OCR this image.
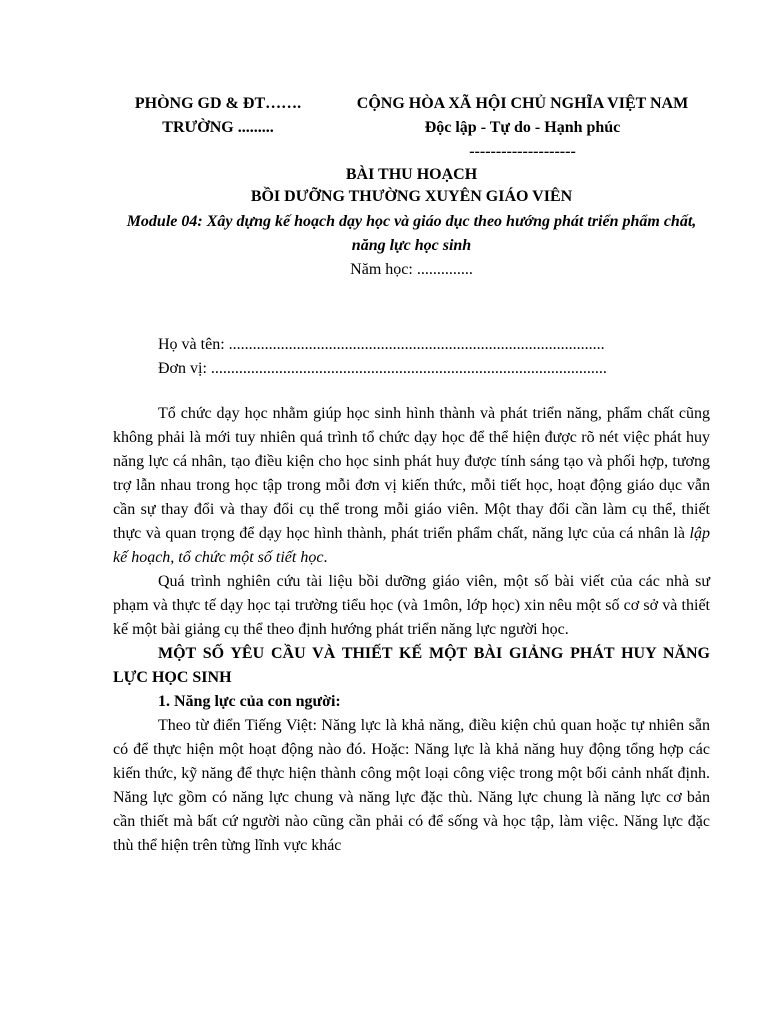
PHÒNG GD & ĐT…….
TRƯỜNG .........
CỘNG HÒA XÃ HỘI CHỦ NGHĨA VIỆT NAM
Độc lập - Tự do - Hạnh phúc
--------------------
BÀI THU HOẠCH
BỒI DƯỠNG THƯỜNG XUYÊN GIÁO VIÊN
Module 04: Xây dựng kế hoạch dạy học và giáo dục theo hướng phát triển phẩm chất, năng lực học sinh
Năm học: ..............
Họ và tên: ..............................................................................................
Đơn vị: ...................................................................................................

Tổ chức dạy học nhằm giúp học sinh hình thành và phát triển năng, phẩm chất cũng không phải là mới tuy nhiên quá trình tổ chức dạy học để thể hiện được rõ nét việc phát huy năng lực cá nhân, tạo điều kiện cho học sinh phát huy được tính sáng tạo và phối hợp, tương trợ lẫn nhau trong học tập trong mỗi đơn vị kiến thức, mỗi tiết học, hoạt động giáo dục vẫn cần sự thay đổi và thay đổi cụ thể trong mỗi giáo viên. Một thay đổi cần làm cụ thể, thiết thực và quan trọng để dạy học hình thành, phát triển phẩm chất, năng lực của cá nhân là lập kế hoạch, tổ chức một số tiết học.

Quá trình nghiên cứu tài liệu bồi dưỡng giáo viên, một số bài viết của các nhà sư phạm và thực tế dạy học tại trường tiểu học (và 1môn, lớp học) xin nêu một số cơ sở và thiết kế một bài giảng cụ thể theo định hướng phát triển năng lực người học.

MỘT SỐ YÊU CẦU VÀ THIẾT KẾ MỘT BÀI GIẢNG PHÁT HUY NĂNG LỰC HỌC SINH

1. Năng lực của con người:

Theo từ điển Tiếng Việt: Năng lực là khả năng, điều kiện chủ quan hoặc tự nhiên sẵn có để thực hiện một hoạt động nào đó. Hoặc: Năng lực là khả năng huy động tổng hợp các kiến thức, kỹ năng để thực hiện thành công một loại công việc trong một bối cảnh nhất định. Năng lực gồm có năng lực chung và năng lực đặc thù. Năng lực chung là năng lực cơ bản cần thiết mà bất cứ người nào cũng cần phải có để sống và học tập, làm việc. Năng lực đặc thù thể hiện trên từng lĩnh vực khác
